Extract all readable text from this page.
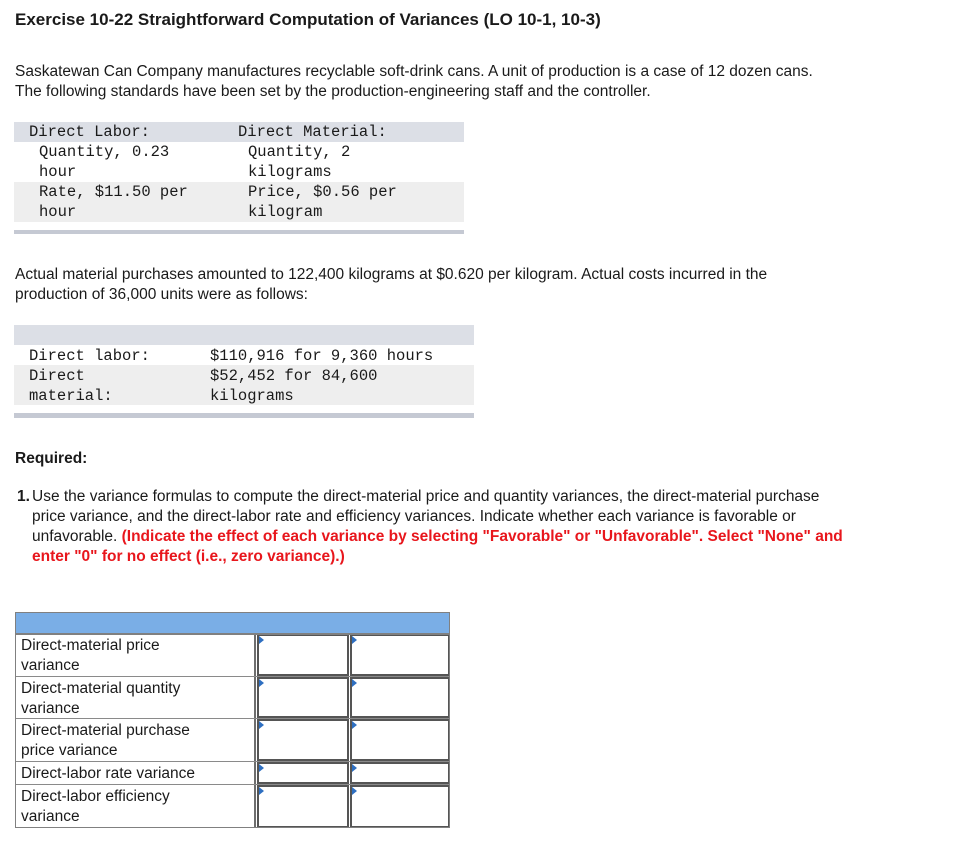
Exercise 10-22 Straightforward Computation of Variances (LO 10-1, 10-3)

Saskatewan Can Company manufactures recyclable soft-drink cans. A unit of production is a case of 12 dozen cans.
The following standards have been set by the production-engineering staff and the controller.

Direct Labor:	Direct Material:
Quantity, 0.23
hour
Rate, $11.50 per
hour
Quantity, 2
kilograms
Price, $0.56 per
kilogram

Actual material purchases amounted to 122,400 kilograms at $0.620 per kilogram. Actual costs incurred in the
production of 36,000 units were as follows:

Direct labor:	$110,916 for 9,360 hours
Direct
material:
$52,452 for 84,600
kilograms

Required:

1. Use the variance formulas to compute the direct-material price and quantity variances, the direct-material purchase
price variance, and the direct-labor rate and efficiency variances. Indicate whether each variance is favorable or
unfavorable. (Indicate the effect of each variance by selecting "Favorable" or "Unfavorable". Select "None" and
enter "0" for no effect (i.e., zero variance).)
Direct-material price
variance
Direct-material quantity
variance
Direct-material purchase
price variance
Direct-labor rate variance
Direct-labor efficiency
variance
